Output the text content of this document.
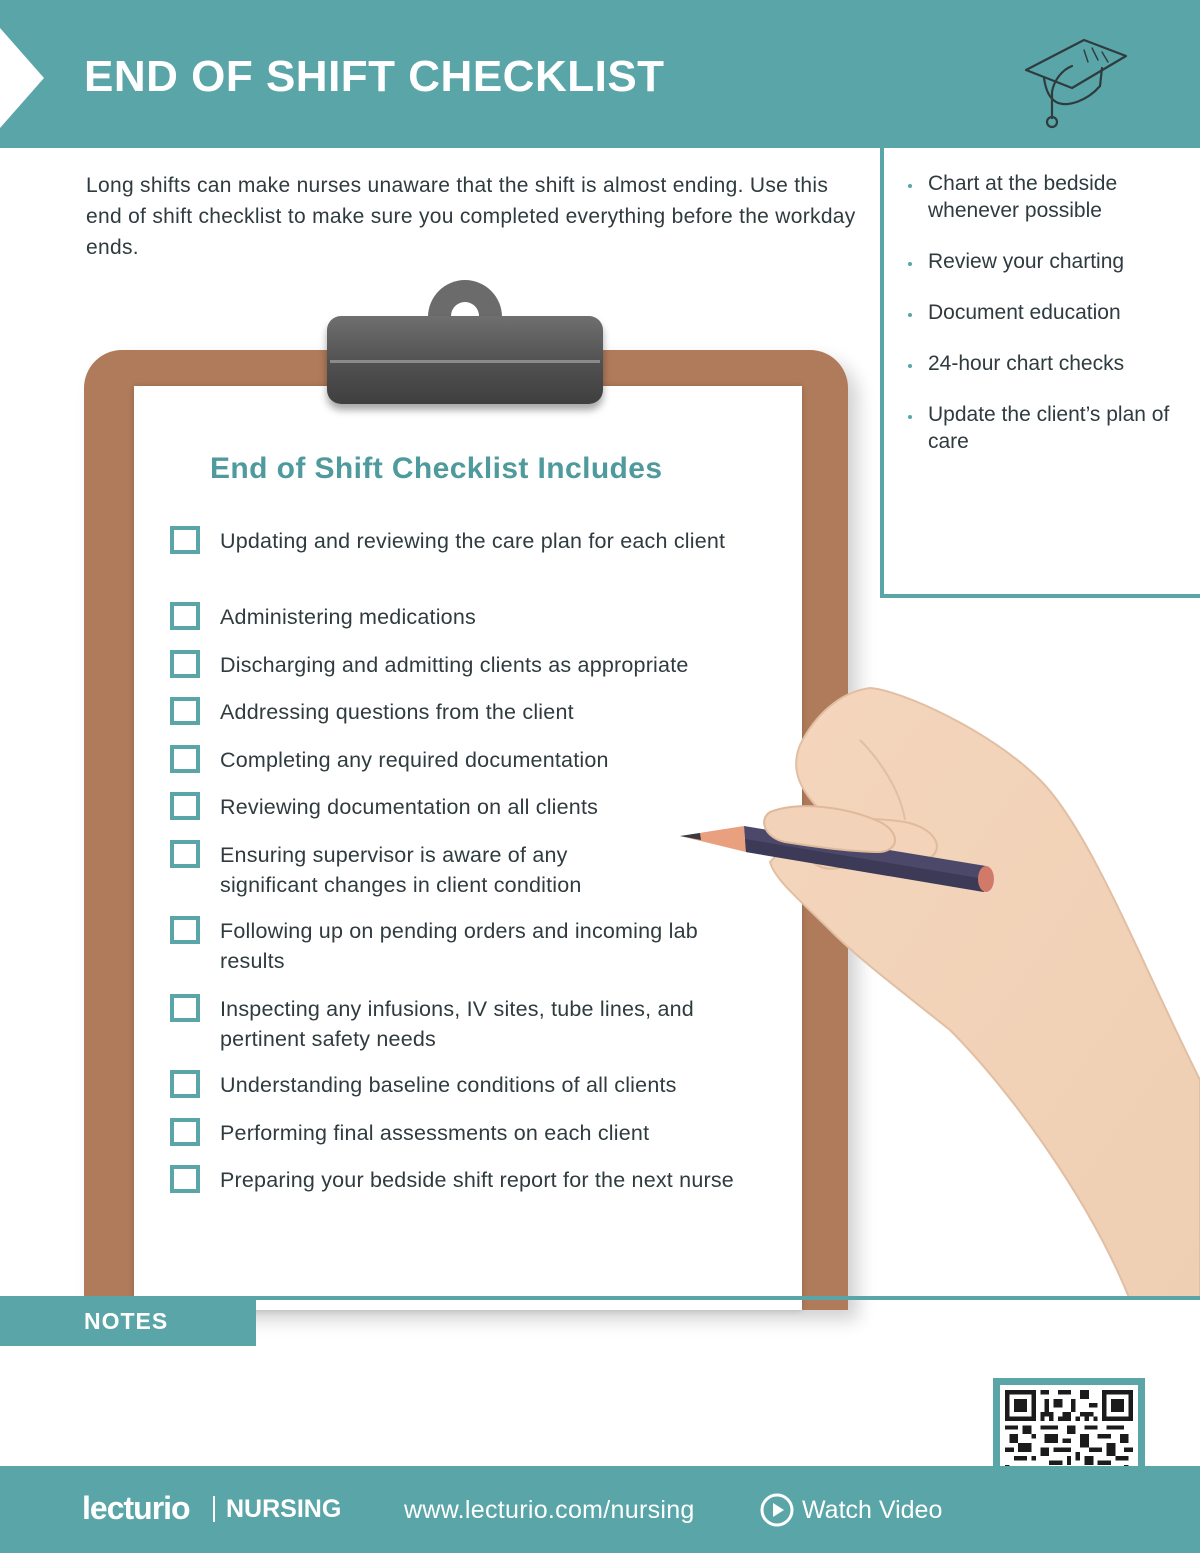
END OF SHIFT CHECKLIST

Long shifts can make nurses unaware that the shift is almost ending. Use this end of shift checklist to make sure you completed everything before the workday ends.

Chart at the bedside whenever possible
Review your charting
Document education
24-hour chart checks
Update the client’s plan of care
End of Shift Checklist Includes
Updating and reviewing the care plan for each client
Administering medications
Discharging and admitting clients as appropriate
Addressing questions from the client
Completing any required documentation
Reviewing documentation on all clients
Ensuring supervisor is aware of any significant changes in client condition
Following up on pending orders and incoming lab results
Inspecting any infusions, IV sites, tube lines, and pertinent safety needs
Understanding baseline conditions of all clients
Performing final assessments on each client
Preparing your bedside shift report for the next nurse
NOTES
lecturio NURSING	www.lecturio.com/nursing	Watch Video
